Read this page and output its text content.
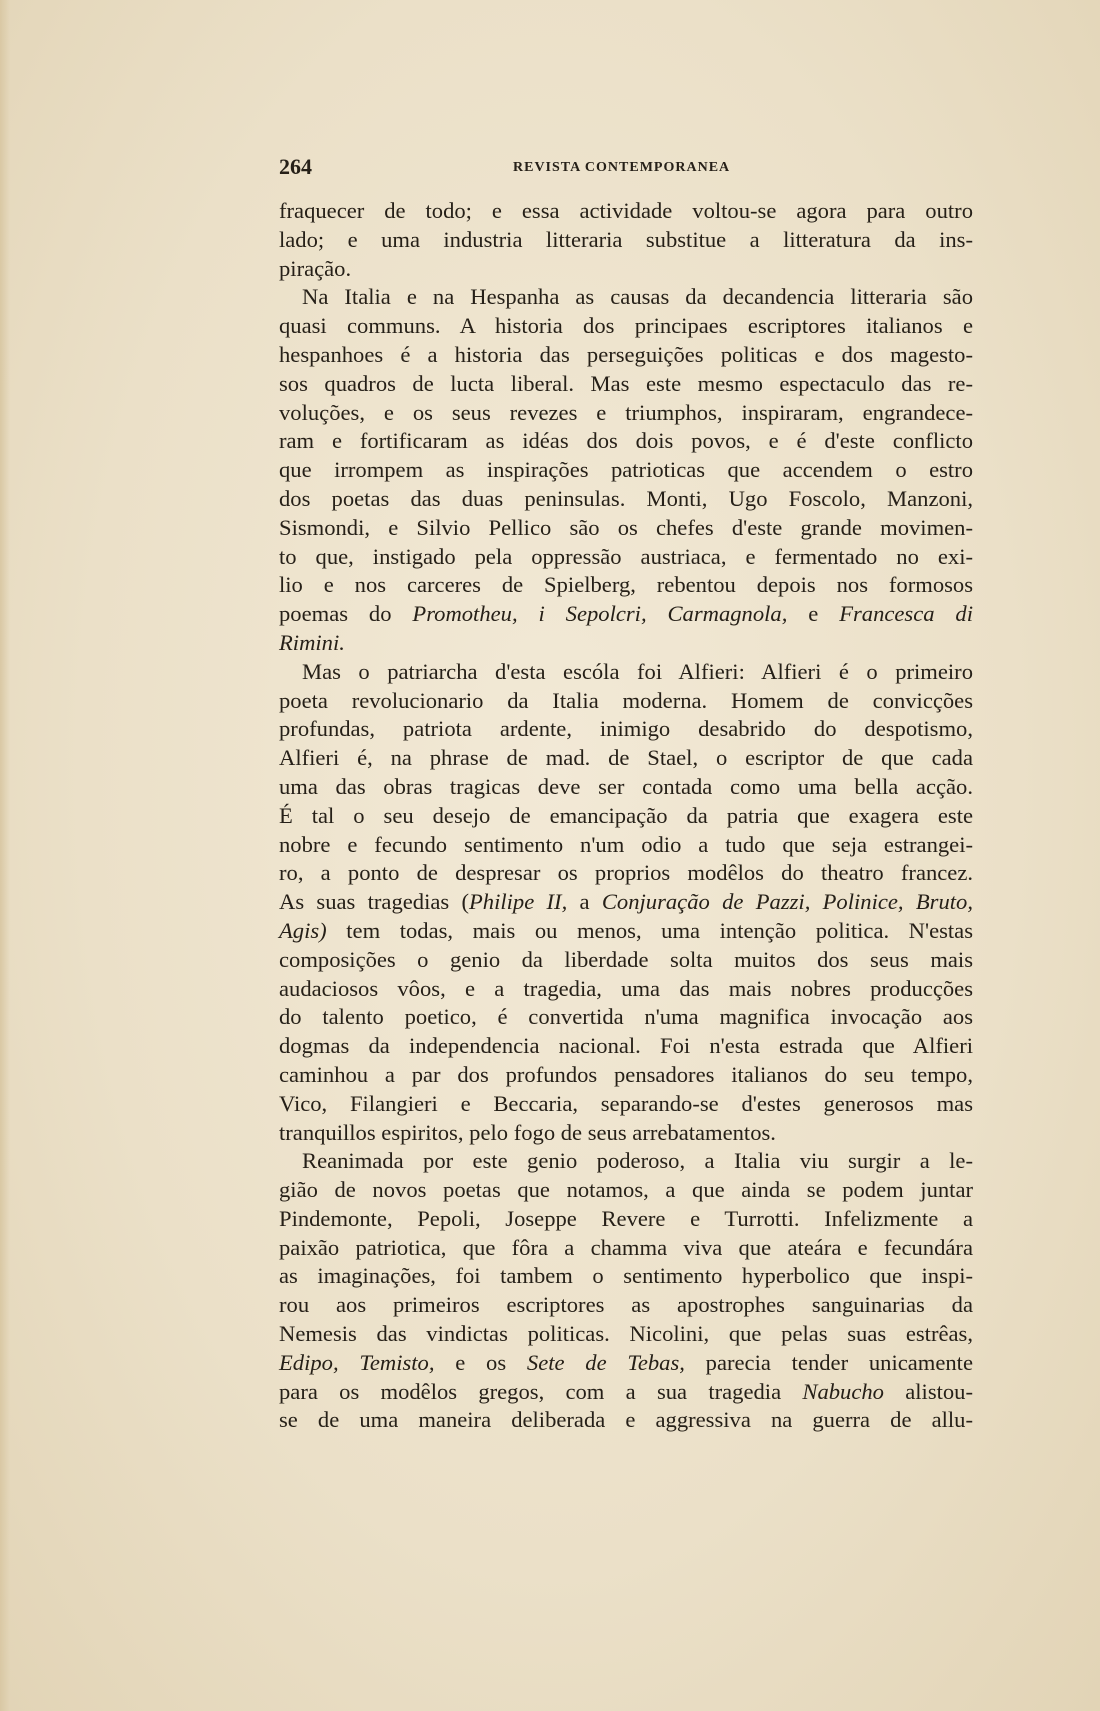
264	REVISTA CONTEMPORANEA
fraquecer de todo; e essa actividade voltou-se agora para outro
lado; e uma industria litteraria substitue a litteratura da ins-
piração.
Na Italia e na Hespanha as causas da decandencia litteraria são
quasi communs. A historia dos principaes escriptores italianos e
hespanhoes é a historia das perseguições politicas e dos magesto-
sos quadros de lucta liberal. Mas este mesmo espectaculo das re-
voluções, e os seus revezes e triumphos, inspiraram, engrandece-
ram e fortificaram as idéas dos dois povos, e é d'este conflicto
que irrompem as inspirações patrioticas que accendem o estro
dos poetas das duas peninsulas. Monti, Ugo Foscolo, Manzoni,
Sismondi, e Silvio Pellico são os chefes d'este grande movimen-
to que, instigado pela oppressão austriaca, e fermentado no exi-
lio e nos carceres de Spielberg, rebentou depois nos formosos
poemas do Promotheu, i Sepolcri, Carmagnola, e Francesca di
Rimini.
Mas o patriarcha d'esta escóla foi Alfieri: Alfieri é o primeiro
poeta revolucionario da Italia moderna. Homem de convicções
profundas, patriota ardente, inimigo desabrido do despotismo,
Alfieri é, na phrase de mad. de Stael, o escriptor de que cada
uma das obras tragicas deve ser contada como uma bella acção.
É tal o seu desejo de emancipação da patria que exagera este
nobre e fecundo sentimento n'um odio a tudo que seja estrangei-
ro, a ponto de despresar os proprios modêlos do theatro francez.
As suas tragedias (Philipe II, a Conjuração de Pazzi, Polinice, Bruto,
Agis) tem todas, mais ou menos, uma intenção politica. N'estas
composições o genio da liberdade solta muitos dos seus mais
audaciosos vôos, e a tragedia, uma das mais nobres producções
do talento poetico, é convertida n'uma magnifica invocação aos
dogmas da independencia nacional. Foi n'esta estrada que Alfieri
caminhou a par dos profundos pensadores italianos do seu tempo,
Vico, Filangieri e Beccaria, separando-se d'estes generosos mas
tranquillos espiritos, pelo fogo de seus arrebatamentos.
Reanimada por este genio poderoso, a Italia viu surgir a le-
gião de novos poetas que notamos, a que ainda se podem juntar
Pindemonte, Pepoli, Joseppe Revere e Turrotti. Infelizmente a
paixão patriotica, que fôra a chamma viva que ateára e fecundára
as imaginações, foi tambem o sentimento hyperbolico que inspi-
rou aos primeiros escriptores as apostrophes sanguinarias da
Nemesis das vindictas politicas. Nicolini, que pelas suas estrêas,
Edipo, Temisto, e os Sete de Tebas, parecia tender unicamente
para os modêlos gregos, com a sua tragedia Nabucho alistou-
se de uma maneira deliberada e aggressiva na guerra de allu-
